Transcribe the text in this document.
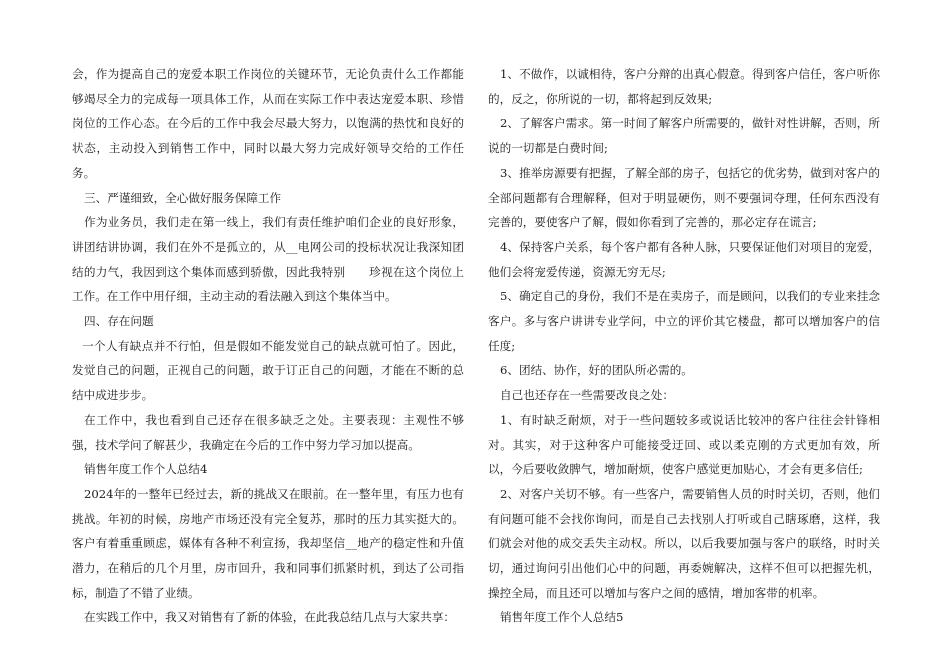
会，作为提高自己的宠爱本职工作岗位的关键环节，无论负责什么工作都能够竭尽全力的完成每一项具体工作，从而在实际工作中表达宠爱本职、珍惜岗位的工作心态。在今后的工作中我会尽最大努力，以饱满的热忱和良好的状态，主动投入到销售工作中，同时以最大努力完成好领导交给的工作任务。

三、严谨细致，全心做好服务保障工作

作为业务员，我们走在第一线上，我们有责任维护咱们企业的良好形象，讲团结讲协调，我们在外不是孤立的，从__电网公司的投标状况让我深知团结的力气，我因到这个集体而感到骄傲，因此我特别　　珍视在这个岗位上工作。在工作中用仔细，主动主动的看法融入到这个集体当中。

四、存在问题

一个人有缺点并不行怕，但是假如不能发觉自己的缺点就可怕了。因此，发觉自己的问题，正视自己的问题，敢于订正自己的问题，才能在不断的总结中成进步步。

在工作中，我也看到自己还存在很多缺乏之处。主要表现：主观性不够强，技术学问了解甚少，我确定在今后的工作中努力学习加以提高。

销售年度工作个人总结4

2024年的一整年已经过去，新的挑战又在眼前。在一整年里，有压力也有挑战。年初的时候，房地产市场还没有完全复苏，那时的压力其实挺大的。客户有着重重顾虑，媒体有各种不利宣扬，我却坚信__地产的稳定性和升值潜力，在稍后的几个月里，房市回升，我和同事们抓紧时机，到达了公司指标，制造了不错了业绩。

在实践工作中，我又对销售有了新的体验，在此我总结几点与大家共享：

1、不做作，以诚相待，客户分辩的出真心假意。得到客户信任，客户听你的，反之，你所说的一切，都将起到反效果;

2、了解客户需求。第一时间了解客户所需要的，做针对性讲解，否则，所说的一切都是白费时间;

3、推举房源要有把握，了解全部的房子，包括它的优劣势，做到对客户的全部问题都有合理解释，但对于明显硬伤，则不要强词夺理，任何东西没有完善的，要使客户了解，假如你看到了完善的，那必定存在谎言;

4、保持客户关系，每个客户都有各种人脉，只要保证他们对项目的宠爱，他们会将宠爱传递，资源无穷无尽;

5、确定自己的身份，我们不是在卖房子，而是顾问，以我们的专业来挂念客户。多与客户讲讲专业学问，中立的评价其它楼盘，都可以增加客户的信任度;

6、团结、协作，好的团队所必需的。

自己也还存在一些需要改良之处：

1、有时缺乏耐烦，对于一些问题较多或说话比较冲的客户往往会针锋相对。其实，对于这种客户可能接受迂回、或以柔克刚的方式更加有效，所以，今后要收敛脾气，增加耐烦，使客户感觉更加贴心，才会有更多信任;

2、对客户关切不够。有一些客户，需要销售人员的时时关切，否则，他们有问题可能不会找你询问，而是自己去找别人打听或自己瞎琢磨，这样，我们就会对他的成交丢失主动权。所以，以后我要加强与客户的联络，时时关切，通过询问引出他们心中的问题，再委婉解决，这样不但可以把握先机，操控全局，而且还可以增加与客户之间的感情，增加客带的机率。

销售年度工作个人总结5
